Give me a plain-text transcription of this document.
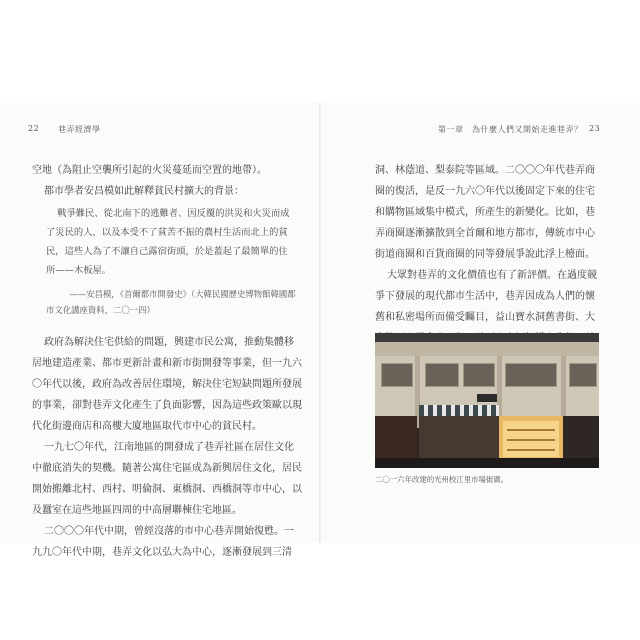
22 巷弄經濟學	第一章　為什麼人們又開始走進巷弄？ 23

空地（為阻止空襲所引起的火災蔓延而空置的地帶）。

都市學者安昌模如此解釋貧民村擴大的背景：

戰爭難民、從北南下的逃難者、因反覆的洪災和火災而成了災民的人，以及本受不了貧苦不振的農村生活而北上的貧民，這些人為了不讓自己露宿街頭，於是蓋起了最簡單的住所——木板屋。

——安昌模，《首爾都市開發史》（大韓民國歷史博物館韓國都市文化講座資料，二〇一四）

政府為解決住宅供給的問題，興建市民公寓，推動集體移居地建造產業、都市更新計畫和新市街開發等事業，但一九六〇年代以後，政府為改善居住環境，解決住宅短缺問題所發展的事業，卻對巷弄文化產生了負面影響，因為這些政策歐以現代化街邊商店和高樓大廈地區取代市中心的貧民村。

一九七〇年代，江南地區的開發成了巷弄社區在居住文化中徹底消失的契機。隨著公寓住宅區成為新興居住文化，居民開始搬離北村、西村、明倫洞、東橋洞、西橋洞等市中心，以及蠶室在這些地區四周的中高層聯棟住宅地區。

二〇〇〇年代中期，曾經沒落的市中心巷弄開始復甦。一九九〇年代中期，巷弄文化以弘大為中心，逐漸發展到三清

洞、林蔭道、梨泰院等區域。二〇〇〇年代巷弄商圈的復活，是反一九六〇年代以後固定下來的住宅和購物區域集中模式，所產生的新變化。比如，巷弄商圈逐漸擴散到全首爾和地方都市，傳統市中心街道商圈和百貨商圈的同等發展爭說此浮上檯面。

大眾對巷弄的文化價值也有了新評價。在過度競爭下發展的現代都市生活中，巷弄因成為人們的懷舊和私密場所而備受矚目，益山寶水洞舊書街、大

二〇一六年改建的光州校江里市場街廣。
